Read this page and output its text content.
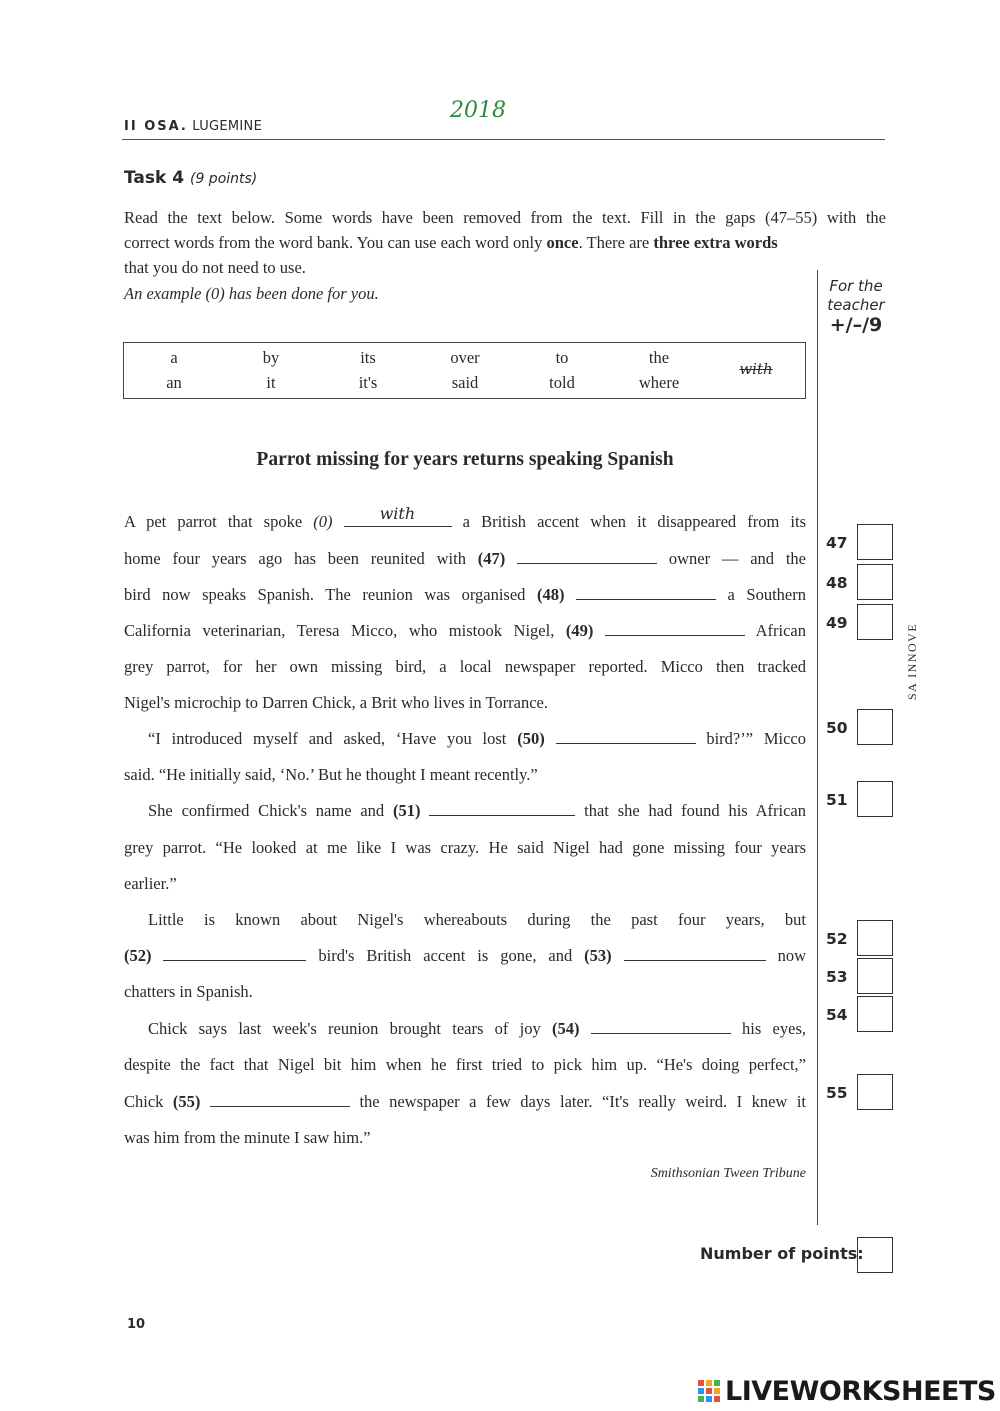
II OSA. LUGEMINE
2018
Task 4 (9 points)
Read the text below. Some words have been removed from the text. Fill in the gaps (47–55) with the
correct words from the word bank. You can use each word only once. There are three extra words
that you do not need to use.
An example (0) has been done for you.	For the
teacher
+/–/9
a	by	its	over	to	the
an	it	it's	said	told	where
with
Parrot missing for years returns speaking Spanish
A pet parrot that spoke (0)	with a British accent when it disappeared from its
home four years ago has been reunited with (47)	owner — and the
bird now speaks Spanish. The reunion was organised (48)	a Southern
California veterinarian, Teresa Micco, who mistook Nigel, (49)	African
grey parrot, for her own missing bird, a local newspaper reported. Micco then tracked
Nigel's microchip to Darren Chick, a Brit who lives in Torrance.
“I introduced myself and asked, ‘Have you lost (50)	bird?’” Micco
said. “He initially said, ‘No.’ But he thought I meant recently.”
She confirmed Chick's name and (51)	that she had found his African
grey parrot. “He looked at me like I was crazy. He said Nigel had gone missing four years
earlier.”
Little is known about Nigel's whereabouts during the past four years, but
(52)	bird's British accent is gone, and (53)	now
chatters in Spanish.
Chick says last week's reunion brought tears of joy (54)	his eyes,
despite the fact that Nigel bit him when he first tried to pick him up. “He's doing perfect,”
Chick (55)	the newspaper a few days later. “It's really weird. I knew it
was him from the minute I saw him.”
Smithsonian Tween Tribune
47
48
49
50
51
52
53
54
55
Number of points:
10
SA INNOVE
LIVEWORKSHEETS
